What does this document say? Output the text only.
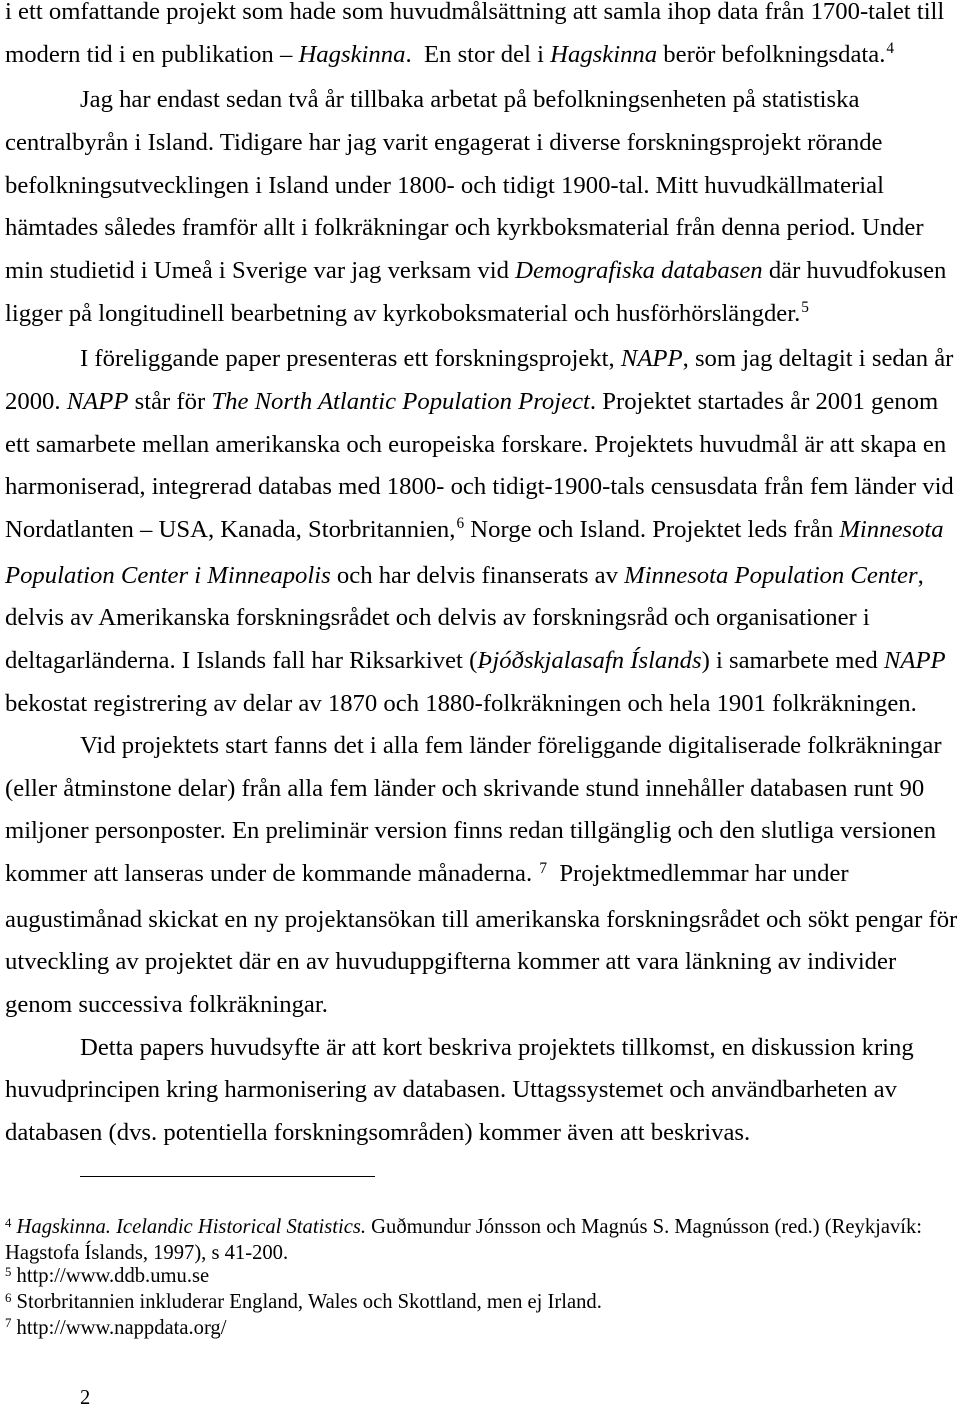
i ett omfattande projekt som hade som huvudmålsättning att samla ihop data från 1700-talet till
modern tid i en publikation – Hagskinna.  En stor del i Hagskinna berör befolkningsdata.$^4$
Jag har endast sedan två år tillbaka arbetat på befolkningsenheten på statistiska
centralbyrån i Island. Tidigare har jag varit engagerat i diverse forskningsprojekt rörande
befolkningsutvecklingen i Island under 1800- och tidigt 1900-tal. Mitt huvudkällmaterial
hämtades således framför allt i folkräkningar och kyrkboksmaterial från denna period. Under
min studietid i Umeå i Sverige var jag verksam vid Demografiska databasen där huvudfokusen
ligger på longitudinell bearbetning av kyrkoboksmaterial och husförhörslängder.$^5$
I föreliggande paper presenteras ett forskningsprojekt, NAPP, som jag deltagit i sedan år
2000. NAPP står för The North Atlantic Population Project. Projektet startades år 2001 genom
ett samarbete mellan amerikanska och europeiska forskare. Projektets huvudmål är att skapa en
harmoniserad, integrerad databas med 1800- och tidigt-1900-tals censusdata från fem länder vid
Nordatlanten – USA, Kanada, Storbritannien,$^6$ Norge och Island. Projektet leds från Minnesota
Population Center i Minneapolis och har delvis finanserats av Minnesota Population Center,
delvis av Amerikanska forskningsrådet och delvis av forskningsråd och organisationer i
deltagarländerna. I Islands fall har Riksarkivet (Þjóðskjalasafn Íslands) i samarbete med NAPP
bekostat registrering av delar av 1870 och 1880-folkräkningen och hela 1901 folkräkningen.
Vid projektets start fanns det i alla fem länder föreliggande digitaliserade folkräkningar
(eller åtminstone delar) från alla fem länder och skrivande stund innehåller databasen runt 90
miljoner personposter. En preliminär version finns redan tillgänglig och den slutliga versionen
kommer att lanseras under de kommande månaderna. $^7$  Projektmedlemmar har under
augustimånad skickat en ny projektansökan till amerikanska forskningsrådet och sökt pengar för
utveckling av projektet där en av huvuduppgifterna kommer att vara länkning av individer
genom successiva folkräkningar.
Detta papers huvudsyfte är att kort beskriva projektets tillkomst, en diskussion kring
huvudprincipen kring harmonisering av databasen. Uttagssystemet och användbarheten av
databasen (dvs. potentiella forskningsområden) kommer även att beskrivas.
$^4$ Hagskinna. Icelandic Historical Statistics. Guðmundur Jónsson och Magnús S. Magnússon (red.) (Reykjavík:
Hagstofa Íslands, 1997), s 41-200.
$^5$ http://www.ddb.umu.se
$^6$ Storbritannien inkluderar England, Wales och Skottland, men ej Irland.
$^7$ http://www.nappdata.org/
2
